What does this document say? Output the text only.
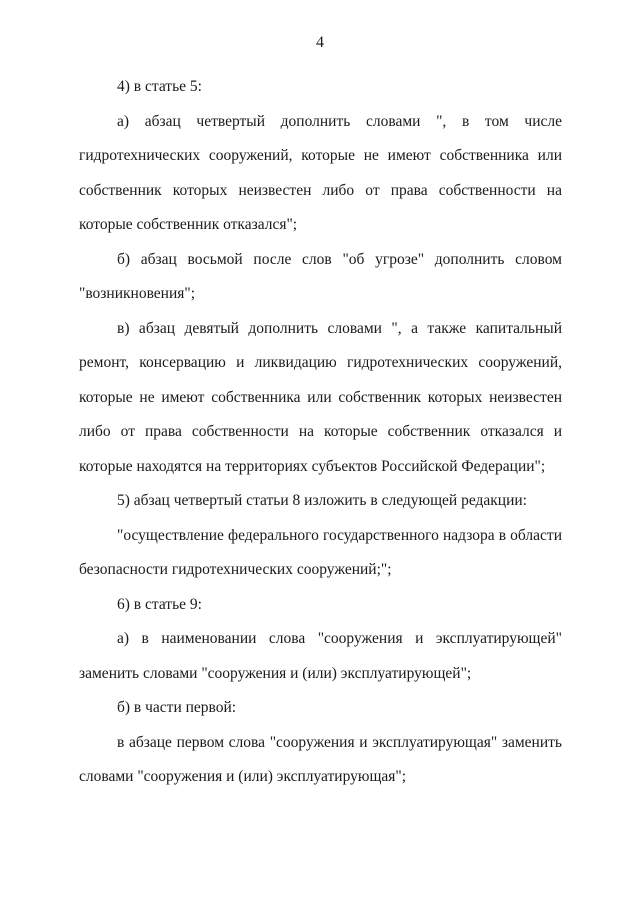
4

4) в статье 5:

а) абзац четвертый дополнить словами ", в том числе гидротехнических сооружений, которые не имеют собственника или собственник которых неизвестен либо от права собственности на которые собственник отказался";

б) абзац восьмой после слов "об угрозе" дополнить словом "возникновения";

в) абзац девятый дополнить словами ", а также капитальный ремонт, консервацию и ликвидацию гидротехнических сооружений, которые не имеют собственника или собственник которых неизвестен либо от права собственности на которые собственник отказался и которые находятся на территориях субъектов Российской Федерации";

5) абзац четвертый статьи 8 изложить в следующей редакции:

"осуществление федерального государственного надзора в области безопасности гидротехнических сооружений;";

6) в статье 9:

а) в наименовании слова "сооружения и эксплуатирующей" заменить словами "сооружения и (или) эксплуатирующей";

б) в части первой:

в абзаце первом слова "сооружения и эксплуатирующая" заменить словами "сооружения и (или) эксплуатирующая";
